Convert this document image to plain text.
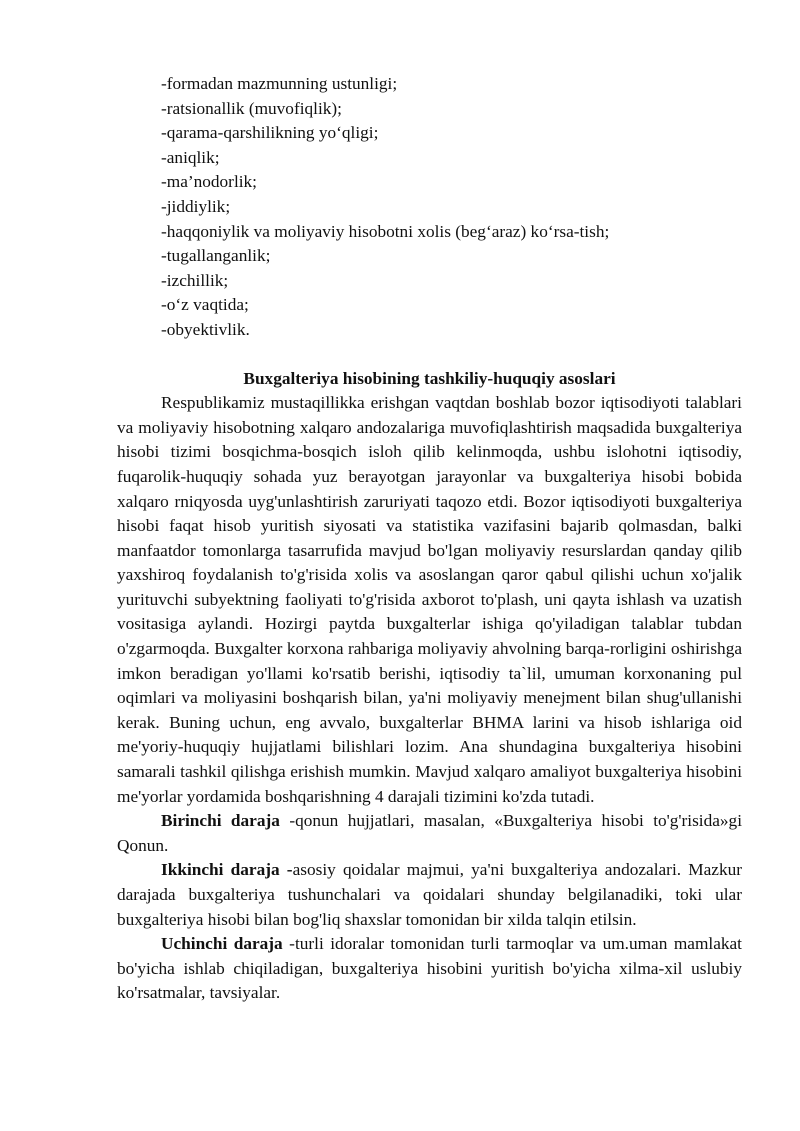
-formadan mazmunning ustunligi;
-ratsionallik (muvofiqlik);
-qarama-qarshilikning yo‘qligi;
-aniqlik;
-ma’nodorlik;
-jiddiylik;
-haqqoniylik va moliyaviy hisobotni xolis (beg‘araz) ko‘rsa-tish;
-tugallanganlik;
-izchillik;
-o‘z vaqtida;
-obyektivlik.
Buxgalteriya hisobining tashkiliy-huquqiy asoslari

Respublikamiz mustaqillikka erishgan vaqtdan boshlab bozor iqtisodiyoti talablari va moliyaviy hisobotning xalqaro andozalariga muvofiqlashtirish maqsadida buxgalteriya hisobi tizimi bosqichma-bosqich isloh qilib kelinmoqda, ushbu islohotni iqtisodiy, fuqarolik-huquqiy sohada yuz berayotgan jarayonlar va buxgalteriya hisobi bobida xalqaro rniqyosda uyg'unlashtirish zaruriyati taqozo etdi. Bozor iqtisodiyoti buxgalteriya hisobi faqat hisob yuritish siyosati va statistika vazifasini bajarib qolmasdan, balki manfaatdor tomonlarga tasarrufida mavjud bo'lgan moliyaviy resurslardan qanday qilib yaxshiroq foydalanish to'g'risida xolis va asoslangan qaror qabul qilishi uchun xo'jalik yurituvchi subyektning faoliyati to'g'risida axborot to'plash, uni qayta ishlash va uzatish vositasiga aylandi. Hozirgi paytda buxgalterlar ishiga qo'yiladigan talablar tubdan o'zgarmoqda. Buxgalter korxona rahbariga moliyaviy ahvolning barqa-rorligini oshirishga imkon beradigan yo'llami ko'rsatib berishi, iqtisodiy ta`lil, umuman korxonaning pul oqimlari va moliyasini boshqarish bilan, ya'ni moliyaviy menejment bilan shug'ullanishi kerak. Buning uchun, eng avvalo, buxgalterlar BHMA larini va hisob ishlariga oid me'yoriy-huquqiy hujjatlami bilishlari lozim. Ana shundagina buxgalteriya hisobini samarali tashkil qilishga erishish mumkin. Mavjud xalqaro amaliyot buxgalteriya hisobini me'yorlar yordamida boshqarishning 4 darajali tizimini ko'zda tutadi.

Birinchi daraja -qonun hujjatlari, masalan, «Buxgalteriya hisobi to'g'risida»gi Qonun.

Ikkinchi daraja -asosiy qoidalar majmui, ya'ni buxgalteriya andozalari. Mazkur darajada buxgalteriya tushunchalari va qoidalari shunday belgilanadiki, toki ular buxgalteriya hisobi bilan bog'liq shaxslar tomonidan bir xilda talqin etilsin.

Uchinchi daraja -turli idoralar tomonidan turli tarmoqlar va um.uman mamlakat bo'yicha ishlab chiqiladigan, buxgalteriya hisobini yuritish bo'yicha xilma-xil uslubiy ko'rsatmalar, tavsiyalar.
